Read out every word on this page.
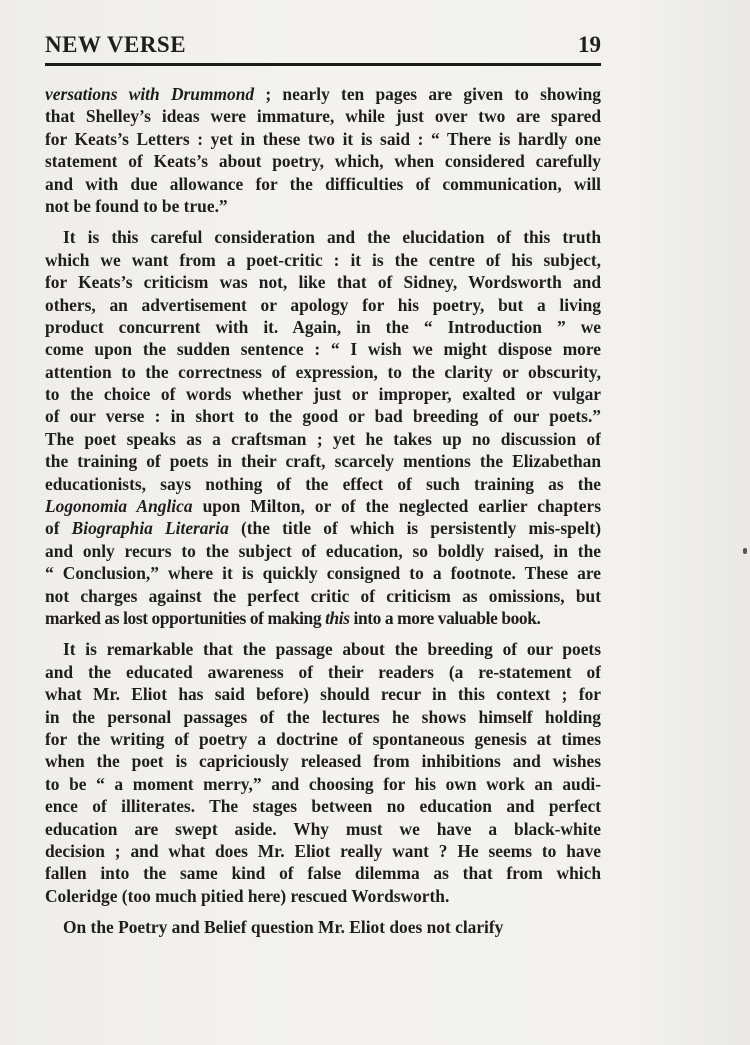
NEW VERSE	19
versations with Drummond ; nearly ten pages are given to showing
that Shelley’s ideas were immature, while just over two are spared
for Keats’s Letters : yet in these two it is said : “ There is hardly one
statement of Keats’s about poetry, which, when considered carefully
and with due allowance for the difficulties of communication, will
not be found to be true.”
It is this careful consideration and the elucidation of this truth
which we want from a poet-critic : it is the centre of his subject,
for Keats’s criticism was not, like that of Sidney, Wordsworth and
others, an advertisement or apology for his poetry, but a living
product concurrent with it. Again, in the “ Introduction ” we
come upon the sudden sentence : “ I wish we might dispose more
attention to the correctness of expression, to the clarity or obscurity,
to the choice of words whether just or improper, exalted or vulgar
of our verse : in short to the good or bad breeding of our poets.”
The poet speaks as a craftsman ; yet he takes up no discussion of
the training of poets in their craft, scarcely mentions the Elizabethan
educationists, says nothing of the effect of such training as the
Logonomia Anglica upon Milton, or of the neglected earlier chapters
of Biographia Literaria (the title of which is persistently mis-spelt)
and only recurs to the subject of education, so boldly raised, in the
“ Conclusion,” where it is quickly consigned to a footnote. These are
not charges against the perfect critic of criticism as omissions, but
marked as lost opportunities of making this into a more valuable book.
It is remarkable that the passage about the breeding of our poets
and the educated awareness of their readers (a re-statement of
what Mr. Eliot has said before) should recur in this context ; for
in the personal passages of the lectures he shows himself holding
for the writing of poetry a doctrine of spontaneous genesis at times
when the poet is capriciously released from inhibitions and wishes
to be “ a moment merry,” and choosing for his own work an audi-
ence of illiterates. The stages between no education and perfect
education are swept aside. Why must we have a black-white
decision ; and what does Mr. Eliot really want ? He seems to have
fallen into the same kind of false dilemma as that from which
Coleridge (too much pitied here) rescued Wordsworth.
On the Poetry and Belief question Mr. Eliot does not clarify
